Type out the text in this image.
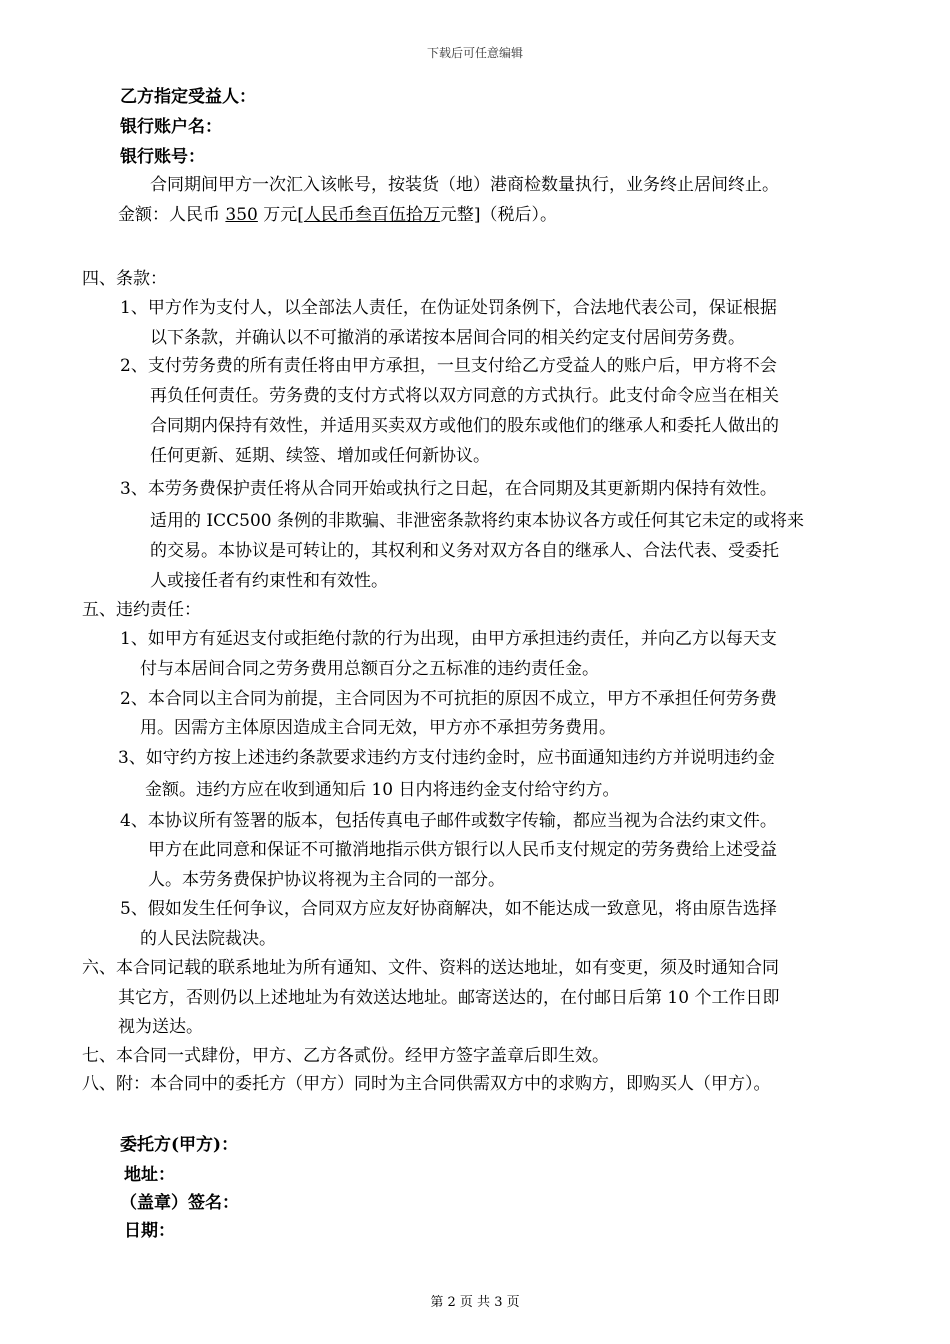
下载后可任意编辑
乙方指定受益人：
银行账户名：
银行账号：
合同期间甲方一次汇入该帐号，按装货（地）港商检数量执行，业务终止居间终止。
金额：人民币 350 万元[人民币叁百伍拾万元整]（税后）。
四、条款：
1、甲方作为支付人，以全部法人责任，在伪证处罚条例下，合法地代表公司，保证根据
以下条款，并确认以不可撤消的承诺按本居间合同的相关约定支付居间劳务费。
2、支付劳务费的所有责任将由甲方承担，一旦支付给乙方受益人的账户后，甲方将不会
再负任何责任。劳务费的支付方式将以双方同意的方式执行。此支付命令应当在相关
合同期内保持有效性，并适用买卖双方或他们的股东或他们的继承人和委托人做出的
任何更新、延期、续签、增加或任何新协议。
3、本劳务费保护责任将从合同开始或执行之日起，在合同期及其更新期内保持有效性。
适用的 ICC500 条例的非欺骗、非泄密条款将约束本协议各方或任何其它未定的或将来
的交易。本协议是可转让的，其权利和义务对双方各自的继承人、合法代表、受委托
人或接任者有约束性和有效性。
五、违约责任：
1、如甲方有延迟支付或拒绝付款的行为出现，由甲方承担违约责任，并向乙方以每天支
付与本居间合同之劳务费用总额百分之五标准的违约责任金。
2、本合同以主合同为前提，主合同因为不可抗拒的原因不成立，甲方不承担任何劳务费
用。因需方主体原因造成主合同无效，甲方亦不承担劳务费用。
3、如守约方按上述违约条款要求违约方支付违约金时，应书面通知违约方并说明违约金
金额。违约方应在收到通知后 10 日内将违约金支付给守约方。
4、本协议所有签署的版本，包括传真电子邮件或数字传输，都应当视为合法约束文件。
甲方在此同意和保证不可撤消地指示供方银行以人民币支付规定的劳务费给上述受益
人。本劳务费保护协议将视为主合同的一部分。
5、假如发生任何争议，合同双方应友好协商解决，如不能达成一致意见，将由原告选择
的人民法院裁决。
六、本合同记载的联系地址为所有通知、文件、资料的送达地址，如有变更，须及时通知合同
其它方，否则仍以上述地址为有效送达地址。邮寄送达的，在付邮日后第 10 个工作日即
视为送达。
七、本合同一式肆份，甲方、乙方各贰份。经甲方签字盖章后即生效。
八、附：本合同中的委托方（甲方）同时为主合同供需双方中的求购方，即购买人（甲方）。
委托方(甲方)：
地址：
（盖章）签名：
日期：
第 2 页 共 3 页
